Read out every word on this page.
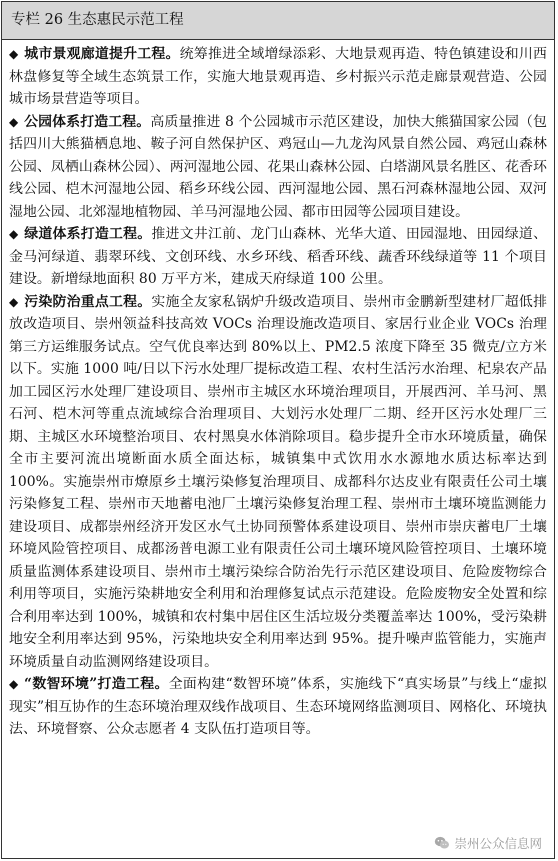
专栏 26 生态惠民示范工程
◆ 城市景观廊道提升工程。统筹推进全域增绿添彩、大地景观再造、特色镇建设和川西林盘修复等全域生态筑景工作，实施大地景观再造、乡村振兴示范走廊景观营造、公园城市场景营造等项目。
◆ 公园体系打造工程。高质量推进 8 个公园城市示范区建设，加快大熊猫国家公园（包括四川大熊猫栖息地、鞍子河自然保护区、鸡冠山—九龙沟风景自然公园、鸡冠山森林公园、凤栖山森林公园）、两河湿地公园、花果山森林公园、白塔湖风景名胜区、花香环线公园、桤木河湿地公园、稻乡环线公园、西河湿地公园、黑石河森林湿地公园、双河湿地公园、北郊湿地植物园、羊马河湿地公园、都市田园等公园项目建设。
◆ 绿道体系打造工程。推进文井江前、龙门山森林、光华大道、田园湿地、田园绿道、金马河绿道、翡翠环线、文创环线、水乡环线、稻香环线、蔬香环线绿道等 11 个项目建设。新增绿地面积 80 万平方米，建成天府绿道 100 公里。
◆ 污染防治重点工程。实施全友家私锅炉升级改造项目、崇州市金鹏新型建材厂超低排放改造项目、崇州领益科技高效 VOCs 治理设施改造项目、家居行业企业 VOCs 治理第三方运维服务试点。空气优良率达到 80%以上、PM2.5 浓度下降至 35 微克/立方米以下。实施 1000 吨/日以下污水处理厂提标改造工程、农村生活污水治理、杞泉农产品加工园区污水处理厂建设项目、崇州市主城区水环境治理项目，开展西河、羊马河、黑石河、桤木河等重点流域综合治理项目、大划污水处理厂二期、经开区污水处理厂三期、主城区水环境整治项目、农村黑臭水体消除项目。稳步提升全市水环境质量，确保全市主要河流出境断面水质全面达标，城镇集中式饮用水水源地水质达标率达到 100%。实施崇州市燎原乡土壤污染修复治理项目、成都科尔达皮业有限责任公司土壤污染修复工程、崇州市天地蓄电池厂土壤污染修复治理工程、崇州市土壤环境监测能力建设项目、成都崇州经济开发区水气土协同预警体系建设项目、崇州市崇庆蓄电厂土壤环境风险管控项目、成都汤普电源工业有限责任公司土壤环境风险管控项目、土壤环境质量监测体系建设项目、崇州市土壤污染综合防治先行示范区建设项目、危险废物综合利用等项目，实施污染耕地安全利用和治理修复试点示范建设。危险废物安全处置和综合利用率达到 100%，城镇和农村集中居住区生活垃圾分类覆盖率达 100%，受污染耕地安全利用率达到 95%，污染地块安全利用率达到 95%。提升噪声监管能力，实施声环境质量自动监测网络建设项目。
◆ “数智环境”打造工程。全面构建“数智环境”体系，实施线下“真实场景”与线上“虚拟现实”相互协作的生态环境治理双线作战项目、生态环境网络监测项目、网格化、环境执法、环境督察、公众志愿者 4 支队伍打造项目等。
崇州公众信息网
